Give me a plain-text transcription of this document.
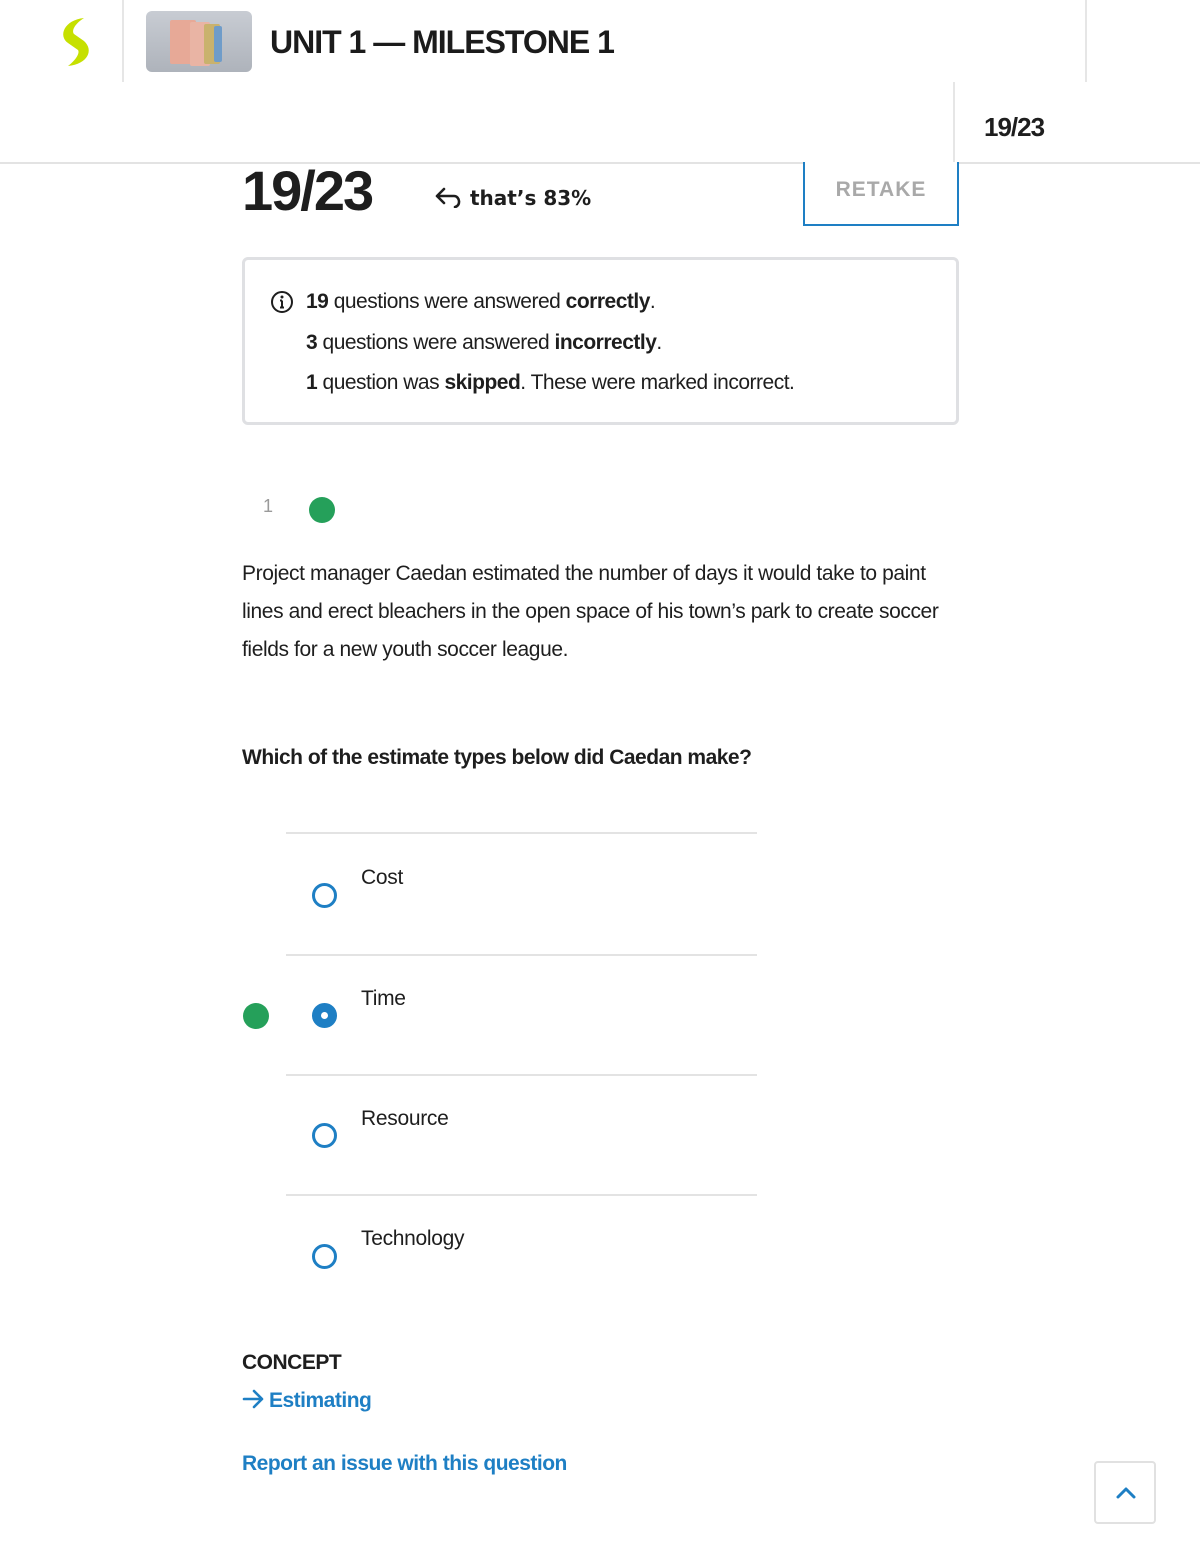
UNIT 1 — MILESTONE 1
19/23
19/23	that’s 83%	RETAKE
19 questions were answered correctly.
3 questions were answered incorrectly.
1 question was skipped. These were marked incorrect.
1
Project manager Caedan estimated the number of days it would take to paint lines and erect bleachers in the open space of his town’s park to create soccer fields for a new youth soccer league.
Which of the estimate types below did Caedan make?
Cost
Time
Resource
Technology
CONCEPT
Estimating
Report an issue with this question
